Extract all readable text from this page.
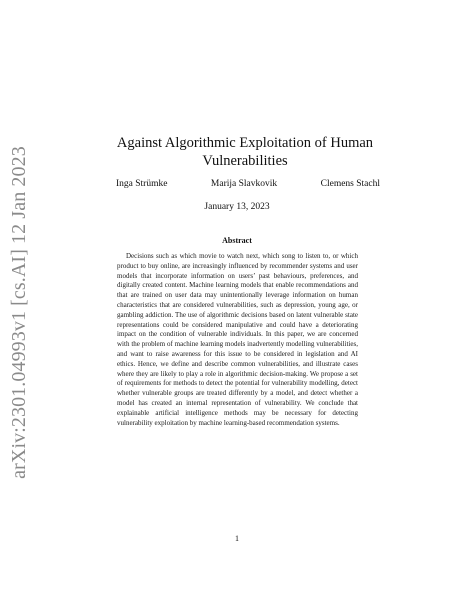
arXiv:2301.04993v1 [cs.AI] 12 Jan 2023
Against Algorithmic Exploitation of Human Vulnerabilities
Inga Strümke	Marija Slavkovik	Clemens Stachl
January 13, 2023
Abstract

Decisions such as which movie to watch next, which song to listen to, or which product to buy online, are increasingly influenced by recommender systems and user models that incorporate information on users’ past behaviours, preferences, and digitally created content. Machine learning models that enable recommendations and that are trained on user data may unintentionally leverage information on human characteristics that are considered vulnerabilities, such as depression, young age, or gambling addiction. The use of algorithmic decisions based on latent vulnerable state representations could be considered manipulative and could have a deteriorating impact on the condition of vulnerable individuals. In this paper, we are concerned with the problem of machine learning models inadvertently modelling vulnerabilities, and want to raise awareness for this issue to be considered in legislation and AI ethics. Hence, we define and describe common vulnerabilities, and illustrate cases where they are likely to play a role in algorithmic decision-making. We propose a set of requirements for methods to detect the potential for vulnerability modelling, detect whether vulnerable groups are treated differently by a model, and detect whether a model has created an internal representation of vulnerability. We conclude that explainable artificial intelligence methods may be necessary for detecting vulnerability exploitation by machine learning-based recommendation systems.

1
